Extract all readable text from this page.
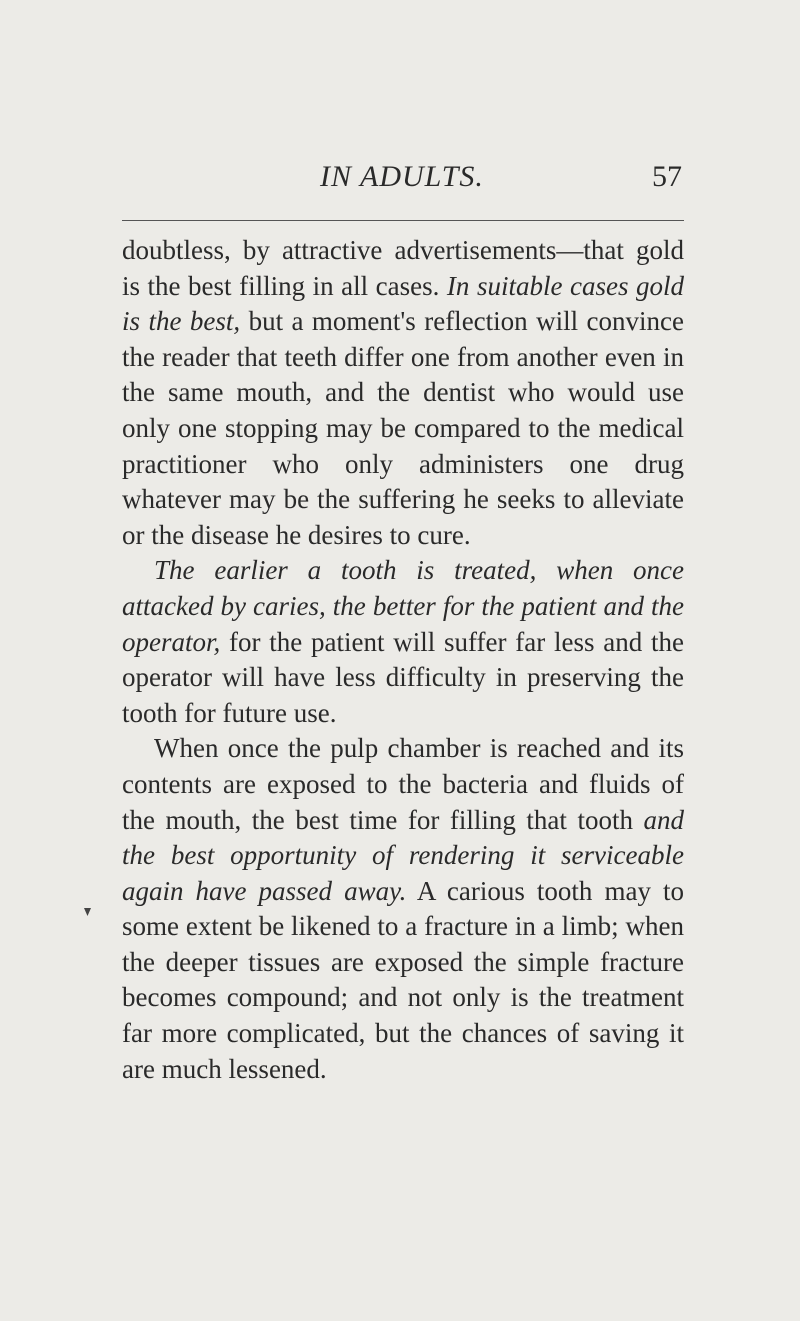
IN ADULTS.	57

doubtless, by attractive advertisements—that gold is the best filling in all cases. In suitable cases gold is the best, but a moment's reflection will convince the reader that teeth differ one from another even in the same mouth, and the dentist who would use only one stopping may be compared to the medical practitioner who only administers one drug whatever may be the suffering he seeks to alleviate or the disease he desires to cure.

The earlier a tooth is treated, when once attacked by caries, the better for the patient and the operator, for the patient will suffer far less and the operator will have less difficulty in preserving the tooth for future use.

When once the pulp chamber is reached and its contents are exposed to the bacteria and fluids of the mouth, the best time for filling that tooth and the best opportunity of rendering it serviceable again have passed away. A carious tooth may to some extent be likened to a fracture in a limb; when the deeper tissues are exposed the simple fracture becomes compound; and not only is the treatment far more complicated, but the chances of saving it are much lessened.
